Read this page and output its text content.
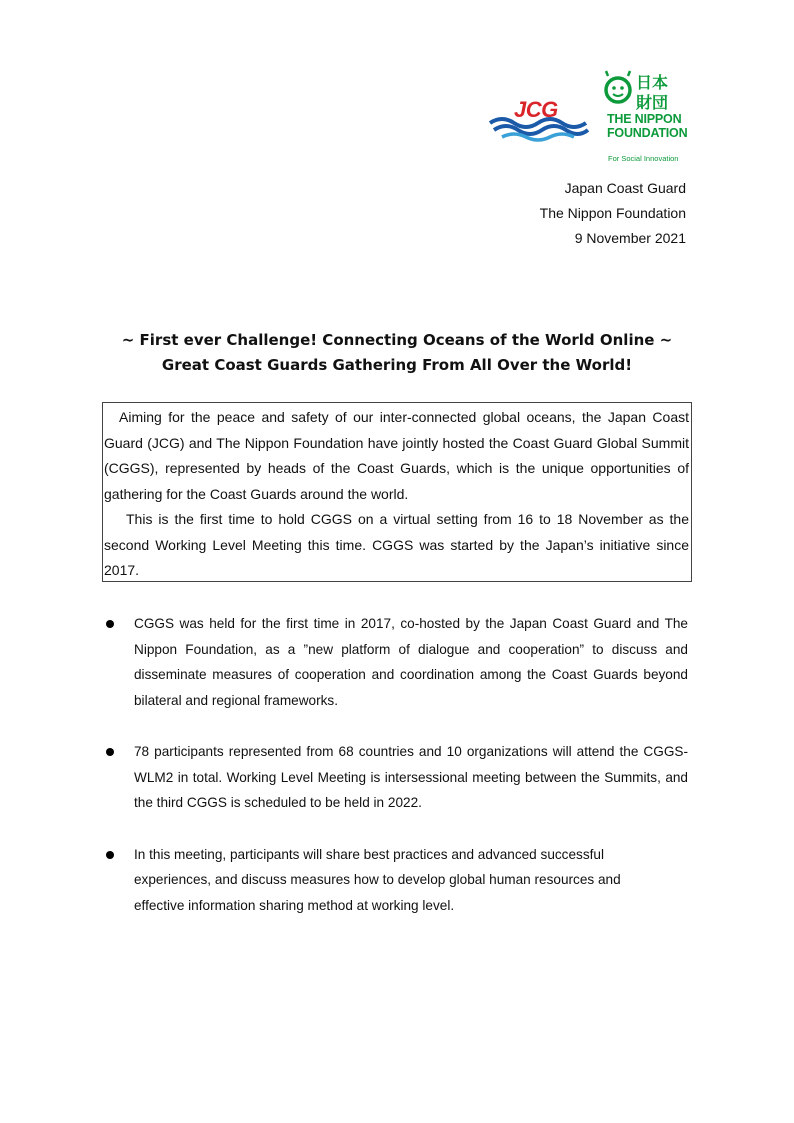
JCG
日本
財団
THE NIPPON
FOUNDATION
For Social Innovation
Japan Coast Guard
The Nippon Foundation
9 November 2021
~ First ever Challenge! Connecting Oceans of the World Online ~
Great Coast Guards Gathering From All Over the World!

Aiming for the peace and safety of our inter-connected global oceans, the Japan Coast Guard (JCG) and The Nippon Foundation have jointly hosted the Coast Guard Global Summit (CGGS), represented by heads of the Coast Guards, which is the unique opportunities of gathering for the Coast Guards around the world.

This is the first time to hold CGGS on a virtual setting from 16 to 18 November as the second Working Level Meeting this time. CGGS was started by the Japan’s initiative since 2017.

CGGS was held for the first time in 2017, co-hosted by the Japan Coast Guard and The Nippon Foundation, as a ”new platform of dialogue and cooperation” to discuss and disseminate measures of cooperation and coordination among the Coast Guards beyond bilateral and regional frameworks.
78 participants represented from 68 countries and 10 organizations will attend the CGGS-WLM2 in total. Working Level Meeting is intersessional meeting between the Summits, and the third CGGS is scheduled to be held in 2022.
In this meeting, participants will share best practices and advanced successful experiences, and discuss measures how to develop global human resources and effective information sharing method at working level.
